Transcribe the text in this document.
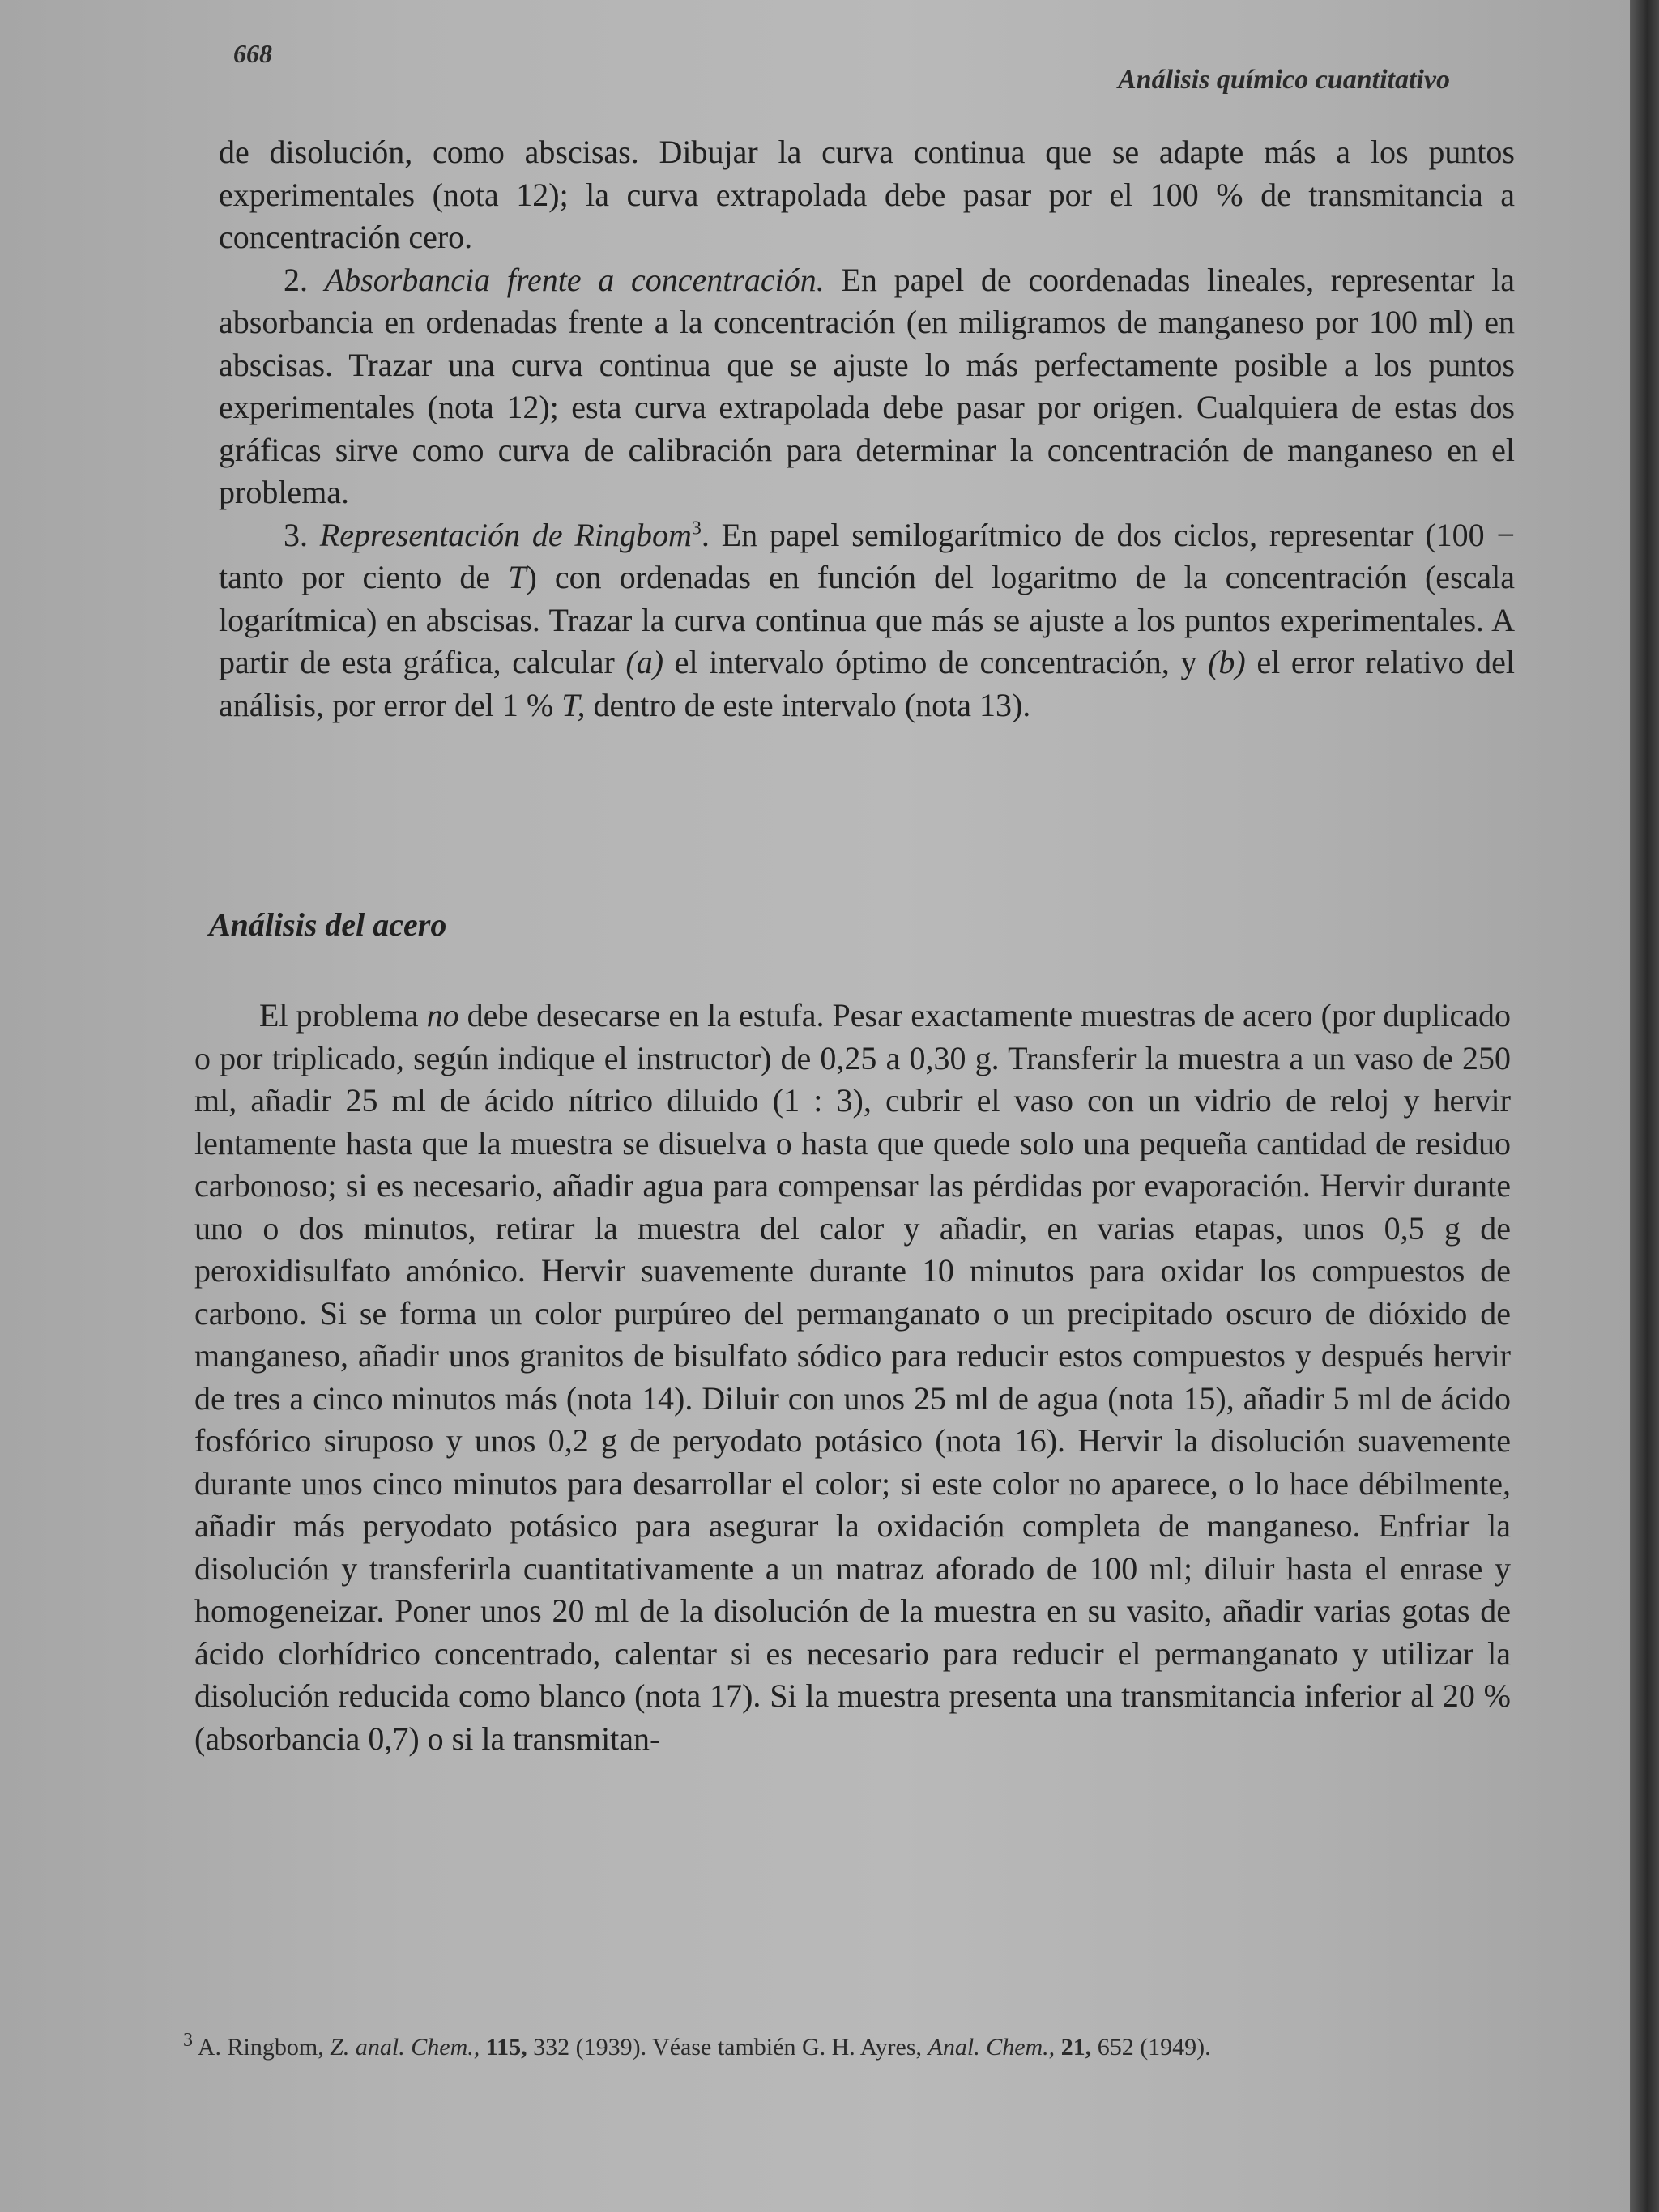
668
Análisis químico cuantitativo

de disolución, como abscisas. Dibujar la curva continua que se adapte más a los puntos experimentales (nota 12); la curva extrapolada debe pasar por el 100 % de transmitancia a concentración cero.

2. Absorbancia frente a concentración. En papel de coordenadas lineales, representar la absorbancia en ordenadas frente a la concentración (en miligramos de manganeso por 100 ml) en abscisas. Trazar una curva continua que se ajuste lo más perfectamente posible a los puntos experimentales (nota 12); esta curva extrapolada debe pasar por origen. Cualquiera de estas dos gráficas sirve como curva de calibración para determinar la concentración de manganeso en el problema.

3. Representación de Ringbom$^3$. En papel semilogarítmico de dos ciclos, representar (100 − tanto por ciento de T) con ordenadas en función del logaritmo de la concentración (escala logarítmica) en abscisas. Trazar la curva continua que más se ajuste a los puntos experimentales. A partir de esta gráfica, calcular (a) el intervalo óptimo de concentración, y (b) el error relativo del análisis, por error del 1 % T, dentro de este intervalo (nota 13).

Análisis del acero

El problema no debe desecarse en la estufa. Pesar exactamente muestras de acero (por duplicado o por triplicado, según indique el instructor) de 0,25 a 0,30 g. Transferir la muestra a un vaso de 250 ml, añadir 25 ml de ácido nítrico diluido (1 : 3), cubrir el vaso con un vidrio de reloj y hervir lentamente hasta que la muestra se disuelva o hasta que quede solo una pequeña cantidad de residuo carbonoso; si es necesario, añadir agua para compensar las pérdidas por evaporación. Hervir durante uno o dos minutos, retirar la muestra del calor y añadir, en varias etapas, unos 0,5 g de peroxidisulfato amónico. Hervir suavemente durante 10 minutos para oxidar los compuestos de carbono. Si se forma un color purpúreo del permanganato o un precipitado oscuro de dióxido de manganeso, añadir unos granitos de bisulfato sódico para reducir estos compuestos y después hervir de tres a cinco minutos más (nota 14). Diluir con unos 25 ml de agua (nota 15), añadir 5 ml de ácido fosfórico siruposo y unos 0,2 g de peryodato potásico (nota 16). Hervir la disolución suavemente durante unos cinco minutos para desarrollar el color; si este color no aparece, o lo hace débilmente, añadir más peryodato potásico para asegurar la oxidación completa de manganeso. Enfriar la disolución y transferirla cuantitativamente a un matraz aforado de 100 ml; diluir hasta el enrase y homogeneizar. Poner unos 20 ml de la disolución de la muestra en su vasito, añadir varias gotas de ácido clorhídrico concentrado, calentar si es necesario para reducir el permanganato y utilizar la disolución reducida como blanco (nota 17). Si la muestra presenta una transmitancia inferior al 20 % (absorbancia 0,7) o si la transmitan-

$^3$ A. Ringbom, Z. anal. Chem., 115, 332 (1939). Véase también G. H. Ayres, Anal. Chem., 21, 652 (1949).
